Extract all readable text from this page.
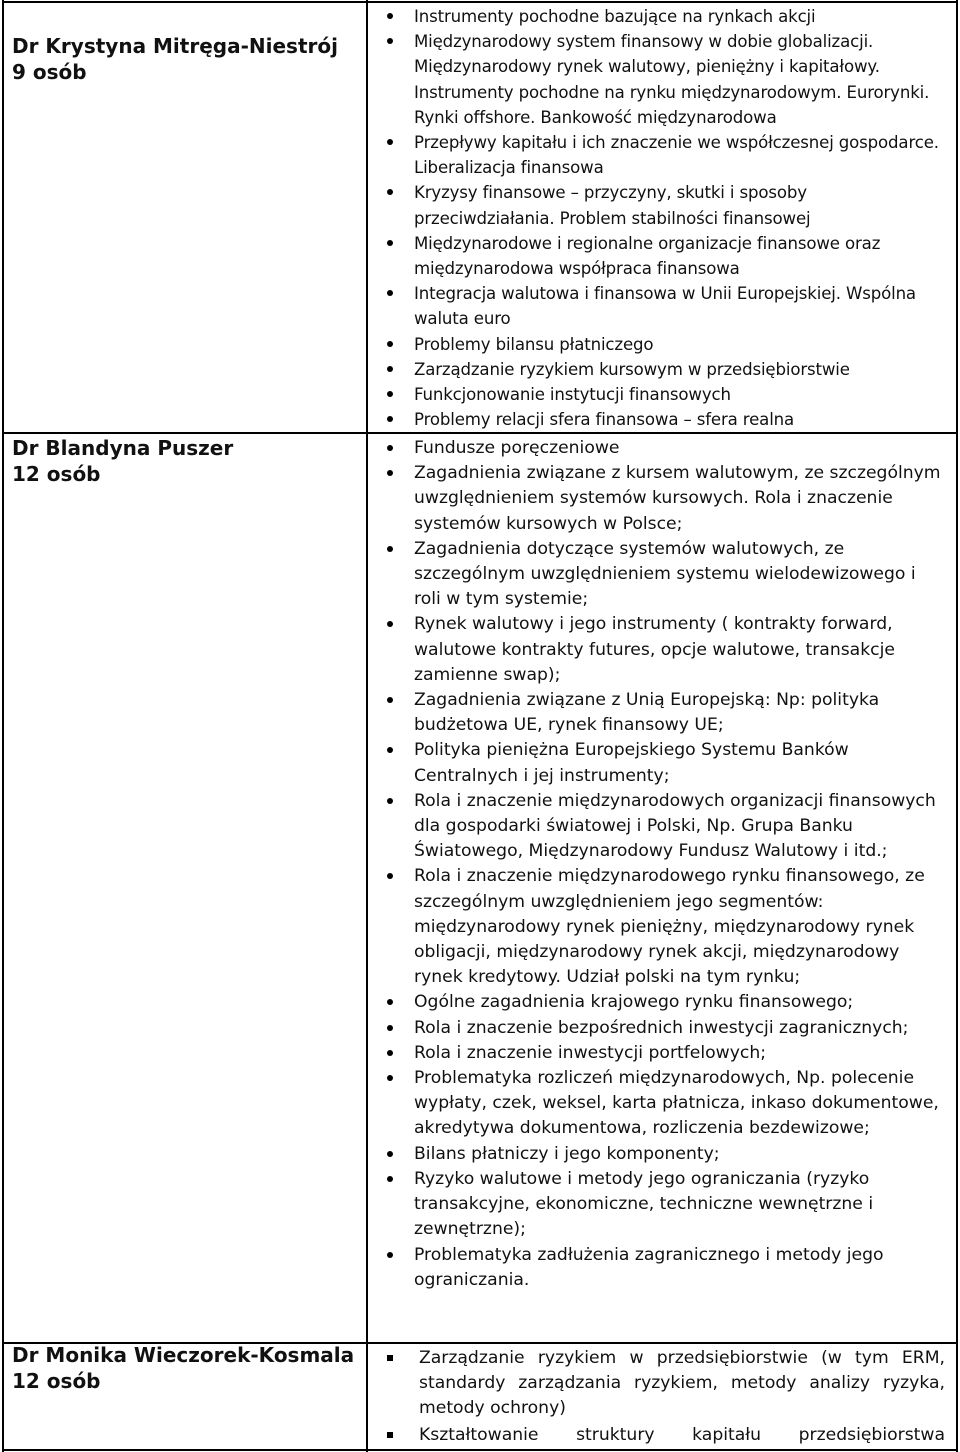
Dr Krystyna Mitręga-Niestrój
9 osób
Instrumenty pochodne bazujące na rynkach akcji
Międzynarodowy system finansowy w dobie globalizacji. Międzynarodowy rynek walutowy, pieniężny i kapitałowy. Instrumenty pochodne na rynku międzynarodowym. Eurorynki. Rynki offshore. Bankowość międzynarodowa
Przepływy kapitału i ich znaczenie we współczesnej gospodarce. Liberalizacja finansowa
Kryzysy finansowe – przyczyny, skutki i sposoby przeciwdziałania. Problem stabilności finansowej
Międzynarodowe i regionalne organizacje finansowe oraz międzynarodowa współpraca finansowa
Integracja walutowa i finansowa w Unii Europejskiej. Wspólna waluta euro
Problemy bilansu płatniczego
Zarządzanie ryzykiem kursowym w przedsiębiorstwie
Funkcjonowanie instytucji finansowych
Problemy relacji sfera finansowa – sfera realna
Dr Blandyna Puszer
12 osób
Fundusze poręczeniowe
Zagadnienia związane z kursem walutowym, ze szczególnym uwzględnieniem systemów kursowych. Rola i znaczenie systemów kursowych w Polsce;
Zagadnienia dotyczące systemów walutowych, ze szczególnym uwzględnieniem systemu wielodewizowego i roli w tym systemie;
Rynek walutowy i jego instrumenty ( kontrakty forward, walutowe kontrakty futures, opcje walutowe, transakcje zamienne swap);
Zagadnienia związane z Unią Europejską: Np: polityka budżetowa UE, rynek finansowy UE;
Polityka pieniężna Europejskiego Systemu Banków Centralnych i jej instrumenty;
Rola i znaczenie międzynarodowych organizacji finansowych dla gospodarki światowej i Polski, Np. Grupa Banku Światowego, Międzynarodowy Fundusz Walutowy i itd.;
Rola i znaczenie międzynarodowego rynku finansowego, ze szczególnym uwzględnieniem jego segmentów: międzynarodowy rynek pieniężny, międzynarodowy rynek obligacji, międzynarodowy rynek akcji, międzynarodowy rynek kredytowy. Udział polski na tym rynku;
Ogólne zagadnienia krajowego rynku finansowego;
Rola i znaczenie bezpośrednich inwestycji zagranicznych;
Rola i znaczenie inwestycji portfelowych;
Problematyka rozliczeń międzynarodowych, Np. polecenie wypłaty, czek, weksel, karta płatnicza, inkaso dokumentowe, akredytywa dokumentowa, rozliczenia bezdewizowe;
Bilans płatniczy i jego komponenty;
Ryzyko walutowe i metody jego ograniczania (ryzyko transakcyjne, ekonomiczne, techniczne wewnętrzne i zewnętrzne);
Problematyka zadłużenia zagranicznego i metody jego ograniczania.
Dr Monika Wieczorek-Kosmala
12 osób
Zarządzanie ryzykiem w przedsiębiorstwie (w tym ERM, standardy zarządzania ryzykiem, metody analizy ryzyka, metody ochrony)
Kształtowanie struktury kapitału przedsiębiorstwa
